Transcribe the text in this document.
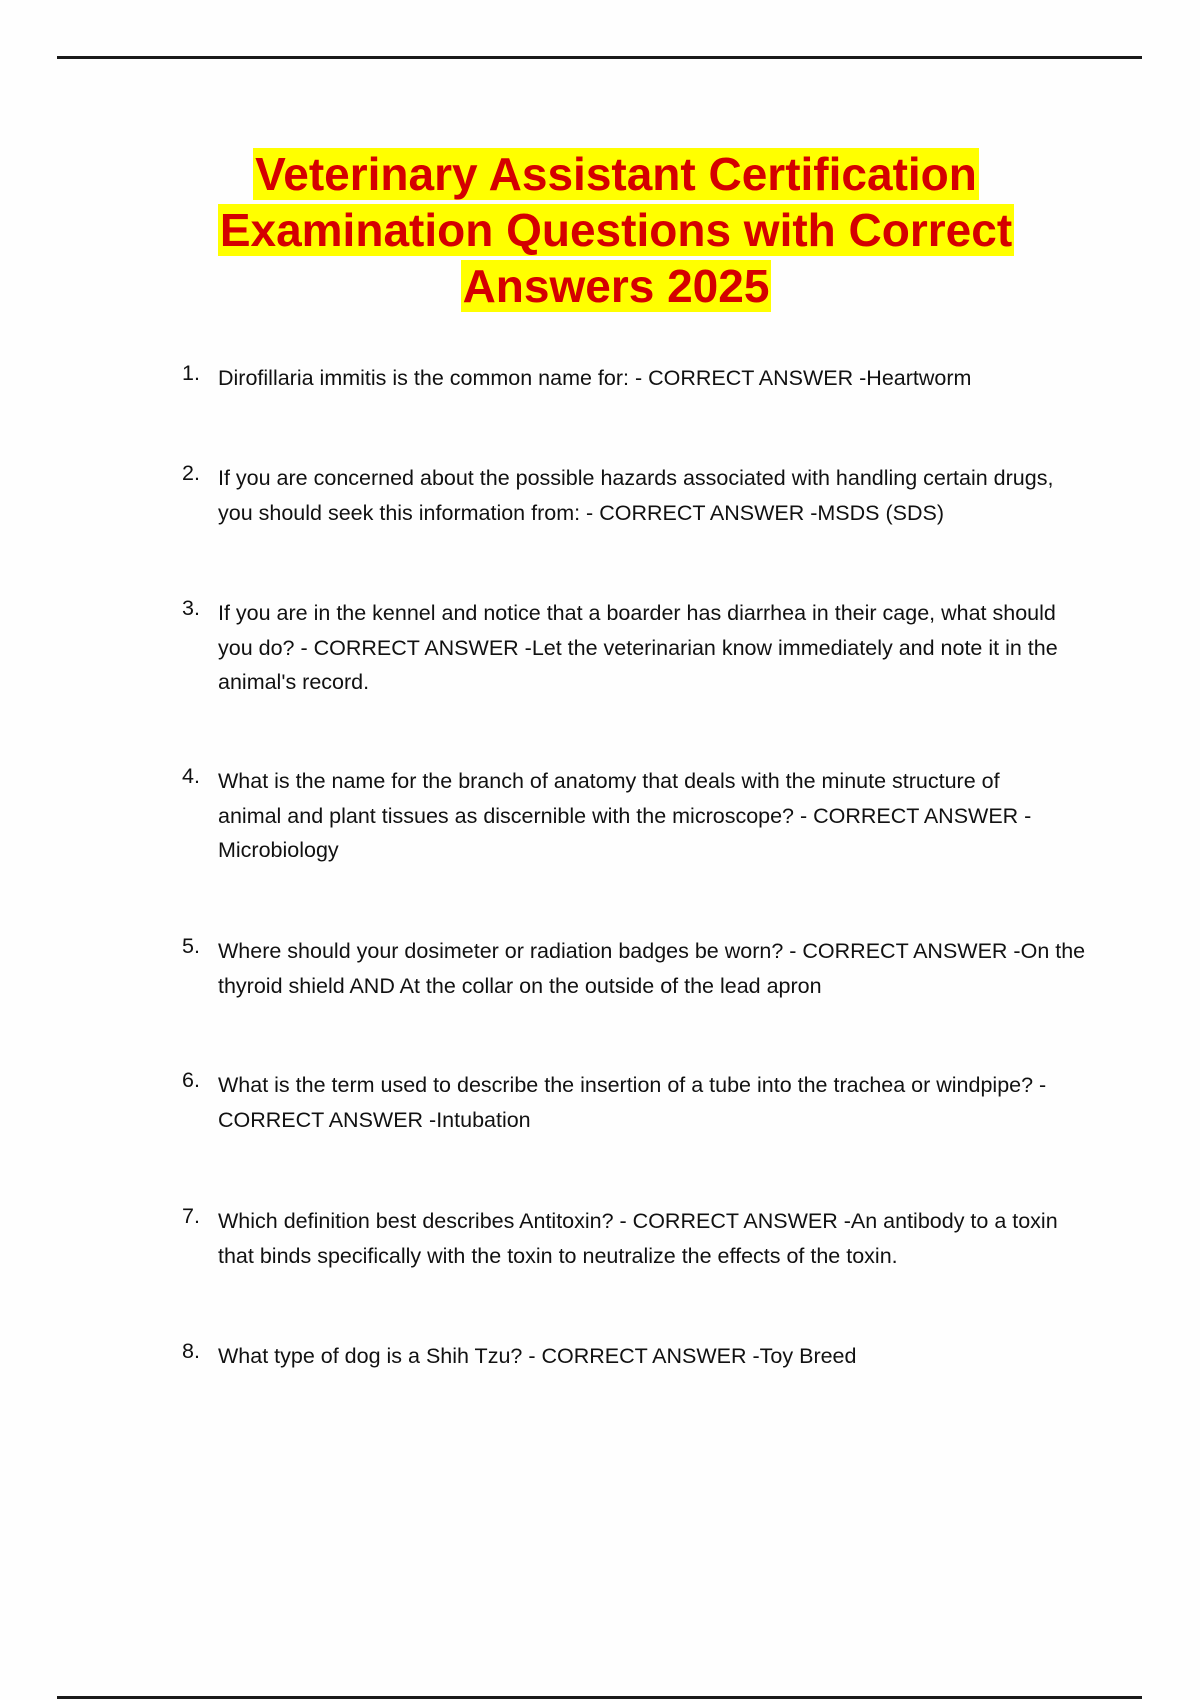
Veterinary Assistant Certification
Examination Questions with Correct
Answers 2025
1. Dirofillaria immitis is the common name for: - CORRECT ANSWER -Heartworm
2. If you are concerned about the possible hazards associated with handling certain drugs,
you should seek this information from: - CORRECT ANSWER -MSDS (SDS)
3. If you are in the kennel and notice that a boarder has diarrhea in their cage, what should
you do? - CORRECT ANSWER -Let the veterinarian know immediately and note it in the
animal's record.
4. What is the name for the branch of anatomy that deals with the minute structure of
animal and plant tissues as discernible with the microscope? - CORRECT ANSWER -
Microbiology
5. Where should your dosimeter or radiation badges be worn? - CORRECT ANSWER -On the
thyroid shield AND At the collar on the outside of the lead apron
6. What is the term used to describe the insertion of a tube into the trachea or windpipe? -
CORRECT ANSWER -Intubation
7. Which definition best describes Antitoxin? - CORRECT ANSWER -An antibody to a toxin
that binds specifically with the toxin to neutralize the effects of the toxin.
8. What type of dog is a Shih Tzu? - CORRECT ANSWER -Toy Breed
